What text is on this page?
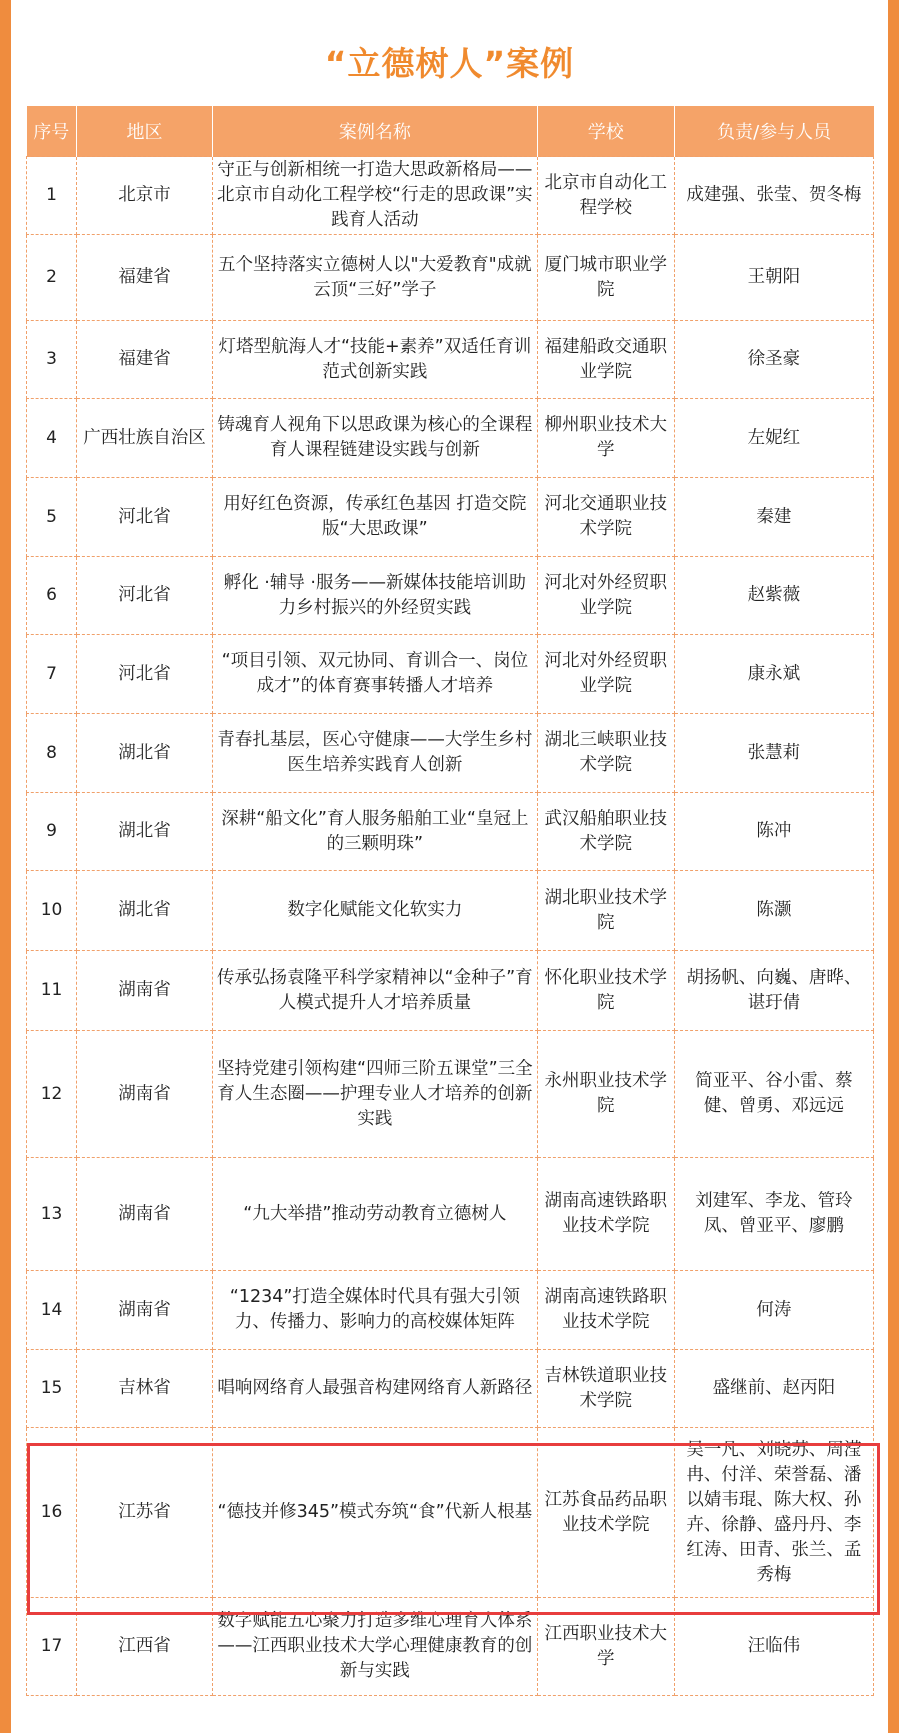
“立德树人”案例
序号	地区	案例名称	学校	负责/参与人员
1	北京市	守正与创新相统一打造大思政新格局——北京市自动化工程学校“行走的思政课”实践育人活动	北京市自动化工程学校	成建强、张莹、贺冬梅
2	福建省	五个坚持落实立德树人以"大爱教育"成就云顶“三好”学子	厦门城市职业学院	王朝阳
3	福建省	灯塔型航海人才“技能+素养”双适任育训范式创新实践	福建船政交通职业学院	徐圣豪
4	广西壮族自治区	铸魂育人视角下以思政课为核心的全课程育人课程链建设实践与创新	柳州职业技术大学	左妮红
5	河北省	用好红色资源，传承红色基因 打造交院版“大思政课”	河北交通职业技术学院	秦建
6	河北省	孵化 ·辅导 ·服务——新媒体技能培训助力乡村振兴的外经贸实践	河北对外经贸职业学院	赵紫薇
7	河北省	“项目引领、双元协同、育训合一、岗位成才”的体育赛事转播人才培养	河北对外经贸职业学院	康永斌
8	湖北省	青春扎基层，医心守健康——大学生乡村医生培养实践育人创新	湖北三峡职业技术学院	张慧莉
9	湖北省	深耕“船文化”育人服务船舶工业“皇冠上的三颗明珠”	武汉船舶职业技术学院	陈冲
10	湖北省	数字化赋能文化软实力	湖北职业技术学院	陈灏
11	湖南省	传承弘扬袁隆平科学家精神以“金种子”育人模式提升人才培养质量	怀化职业技术学院	胡扬帆、向巍、唐晔、谌玗倩
12	湖南省	坚持党建引领构建“四师三阶五课堂”三全育人生态圈——护理专业人才培养的创新实践	永州职业技术学院	简亚平、谷小雷、蔡健、曾勇、邓远远
13	湖南省	“九大举措”推动劳动教育立德树人	湖南高速铁路职业技术学院	刘建军、李龙、管玲凤、曾亚平、廖鹏
14	湖南省	“1234”打造全媒体时代具有强大引领力、传播力、影响力的高校媒体矩阵	湖南高速铁路职业技术学院	何涛
15	吉林省	唱响网络育人最强音构建网络育人新路径	吉林铁道职业技术学院	盛继前、赵丙阳
16	江苏省	“德技并修345”模式夯筑“食”代新人根基	江苏食品药品职业技术学院	吴一凡、刘晓苏、周滢冉、付洋、荣誉磊、潘以婧韦琨、陈大权、孙卉、徐静、盛丹丹、李红涛、田青、张兰、孟秀梅
17	江西省	数字赋能五心聚力打造多维心理育人体系——江西职业技术大学心理健康教育的创新与实践	江西职业技术大学	汪临伟
